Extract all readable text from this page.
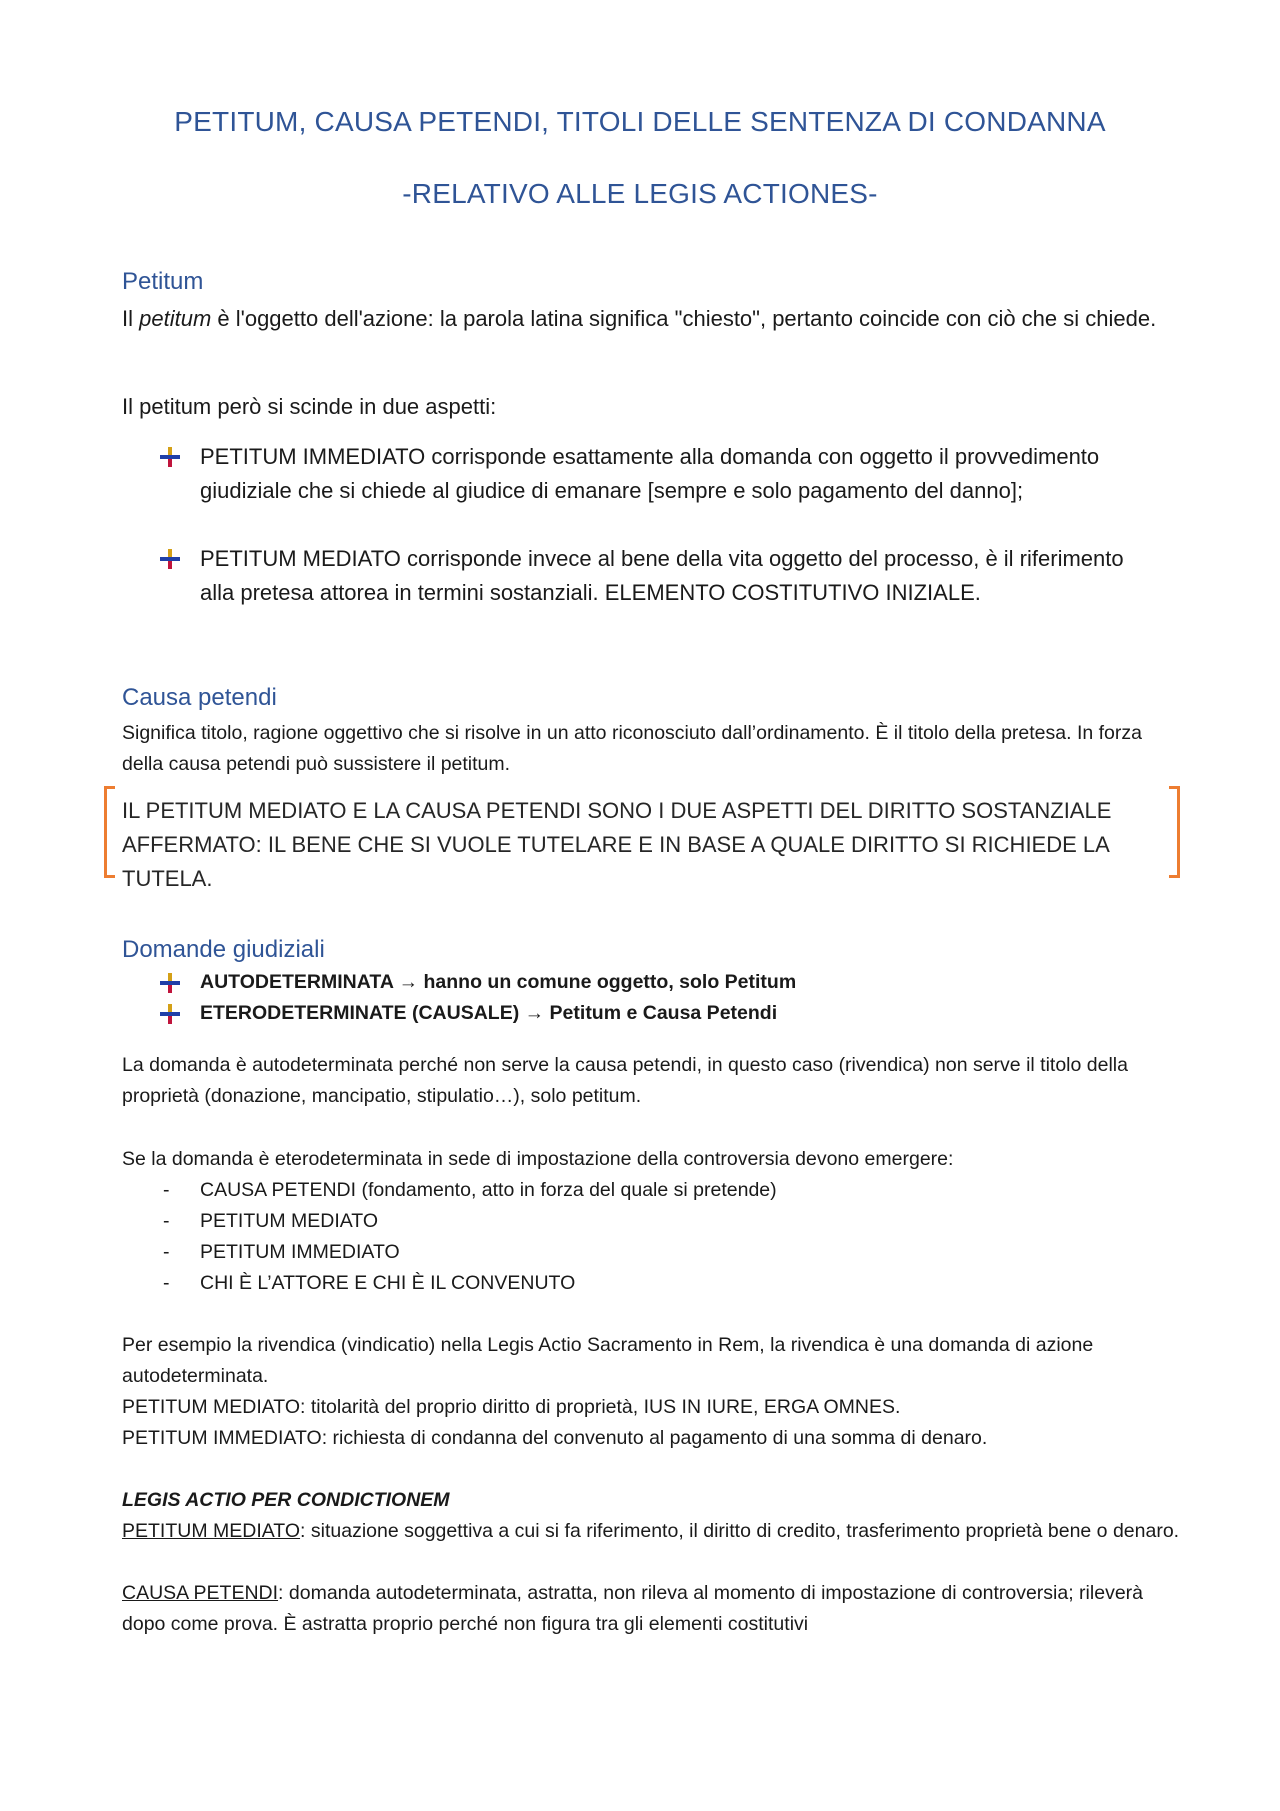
PETITUM, CAUSA PETENDI, TITOLI DELLE SENTENZA DI CONDANNA
-RELATIVO ALLE LEGIS ACTIONES-
Petitum

Il petitum è l'oggetto dell'azione: la parola latina significa "chiesto", pertanto coincide con ciò che si chiede.

Il petitum però si scinde in due aspetti:

PETITUM IMMEDIATO corrisponde esattamente alla domanda con oggetto il provvedimento giudiziale che si chiede al giudice di emanare [sempre e solo pagamento del danno];

PETITUM MEDIATO corrisponde invece al bene della vita oggetto del processo, è il riferimento alla pretesa attorea in termini sostanziali. ELEMENTO COSTITUTIVO INIZIALE.

Causa petendi

Significa titolo, ragione oggettivo che si risolve in un atto riconosciuto dall’ordinamento. È il titolo della pretesa. In forza della causa petendi può sussistere il petitum.

IL PETITUM MEDIATO E LA CAUSA PETENDI SONO I DUE ASPETTI DEL DIRITTO SOSTANZIALE AFFERMATO: IL BENE CHE SI VUOLE TUTELARE E IN BASE A QUALE DIRITTO SI RICHIEDE LA TUTELA.

Domande giudiziali

AUTODETERMINATA → hanno un comune oggetto, solo Petitum

ETERODETERMINATE (CAUSALE) → Petitum e Causa Petendi

La domanda è autodeterminata perché non serve la causa petendi, in questo caso (rivendica) non serve il titolo della proprietà (donazione, mancipatio, stipulatio…), solo petitum.

Se la domanda è eterodeterminata in sede di impostazione della controversia devono emergere:

- CAUSA PETENDI (fondamento, atto in forza del quale si pretende)

- PETITUM MEDIATO

- PETITUM IMMEDIATO

- CHI È L’ATTORE E CHI È IL CONVENUTO

Per esempio la rivendica (vindicatio) nella Legis Actio Sacramento in Rem, la rivendica è una domanda di azione autodeterminata.

PETITUM MEDIATO: titolarità del proprio diritto di proprietà, IUS IN IURE, ERGA OMNES.

PETITUM IMMEDIATO: richiesta di condanna del convenuto al pagamento di una somma di denaro.

LEGIS ACTIO PER CONDICTIONEM

PETITUM MEDIATO: situazione soggettiva a cui si fa riferimento, il diritto di credito, trasferimento proprietà bene o denaro.

CAUSA PETENDI: domanda autodeterminata, astratta, non rileva al momento di impostazione di controversia; rileverà dopo come prova. È astratta proprio perché non figura tra gli elementi costitutivi
